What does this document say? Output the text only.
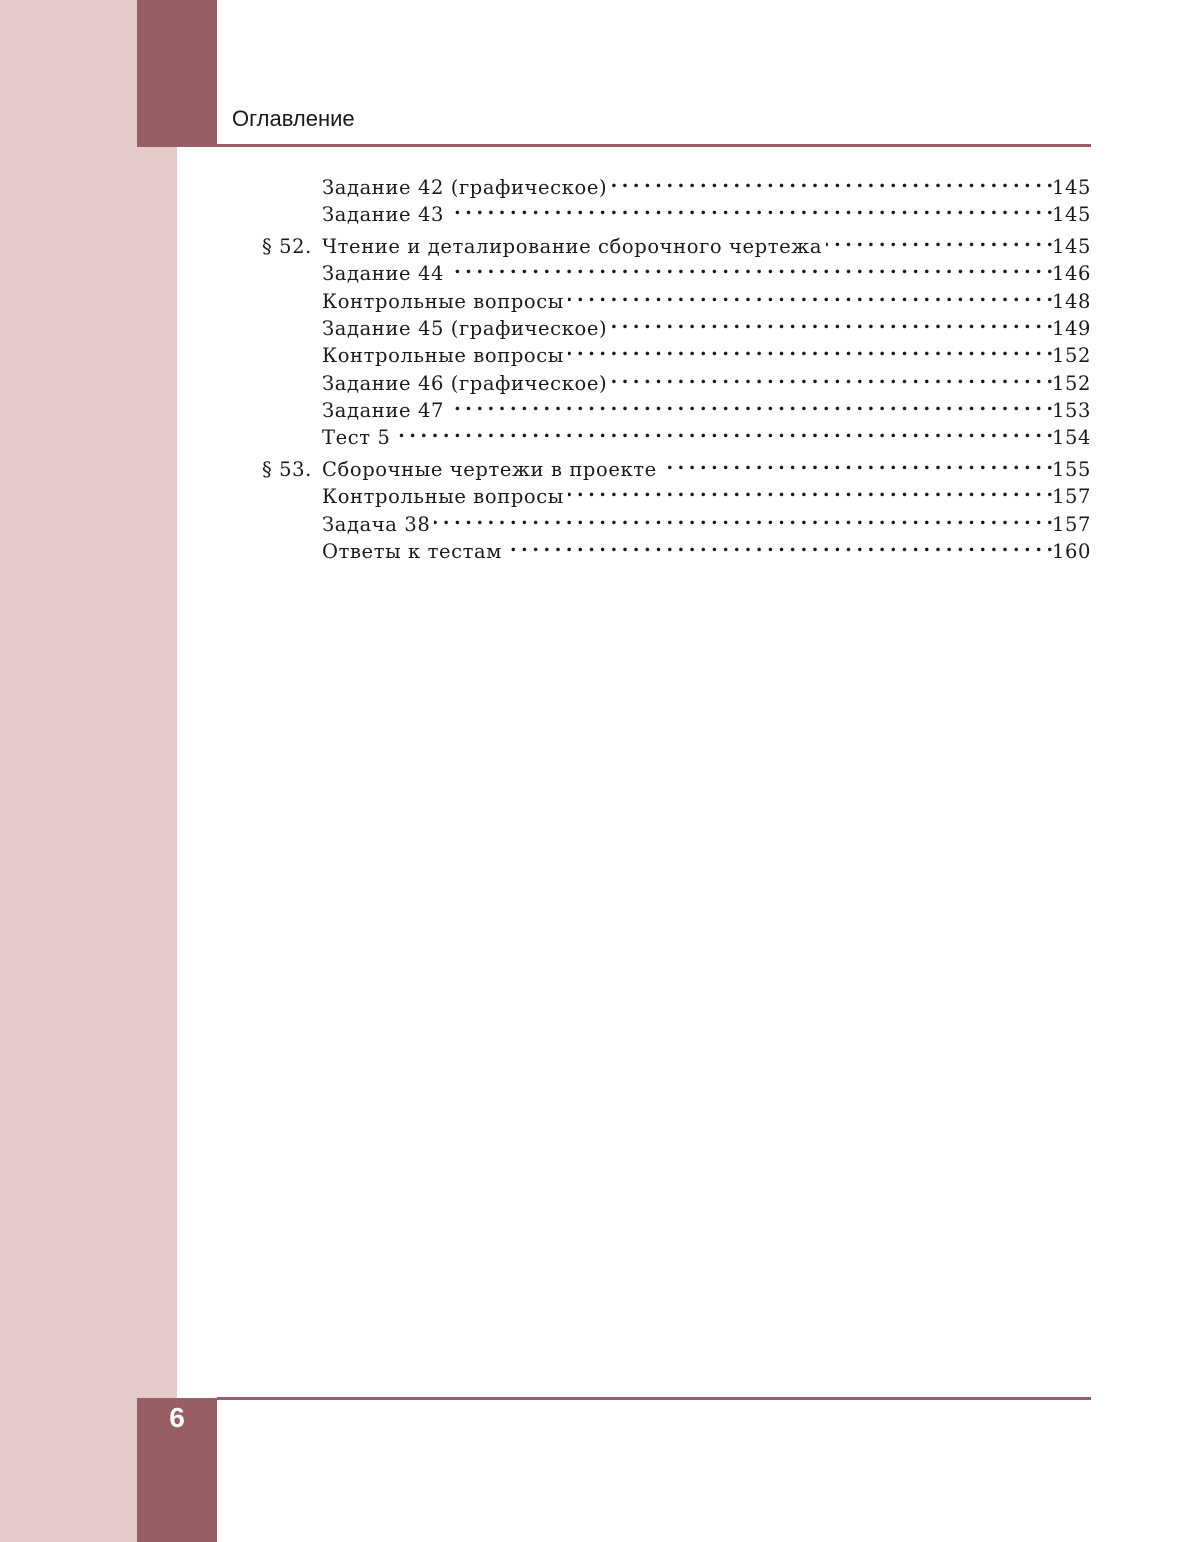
Оглавление
Задание 42 (графическое) . . .	145
Задание 43 . . .	145
§ 52. Чтение и деталирование сборочного чертежа . . .	145
Задание 44 . . .	146
Контрольные вопросы . . .	148
Задание 45 (графическое) . . .	149
Контрольные вопросы . . .	152
Задание 46 (графическое) . . .	152
Задание 47 . . .	153
Тест 5 . . .	154
§ 53. Сборочные чертежи в проекте . . .	155
Контрольные вопросы . . .	157
Задача 38 . . .	157
Ответы к тестам . . .	160
6
